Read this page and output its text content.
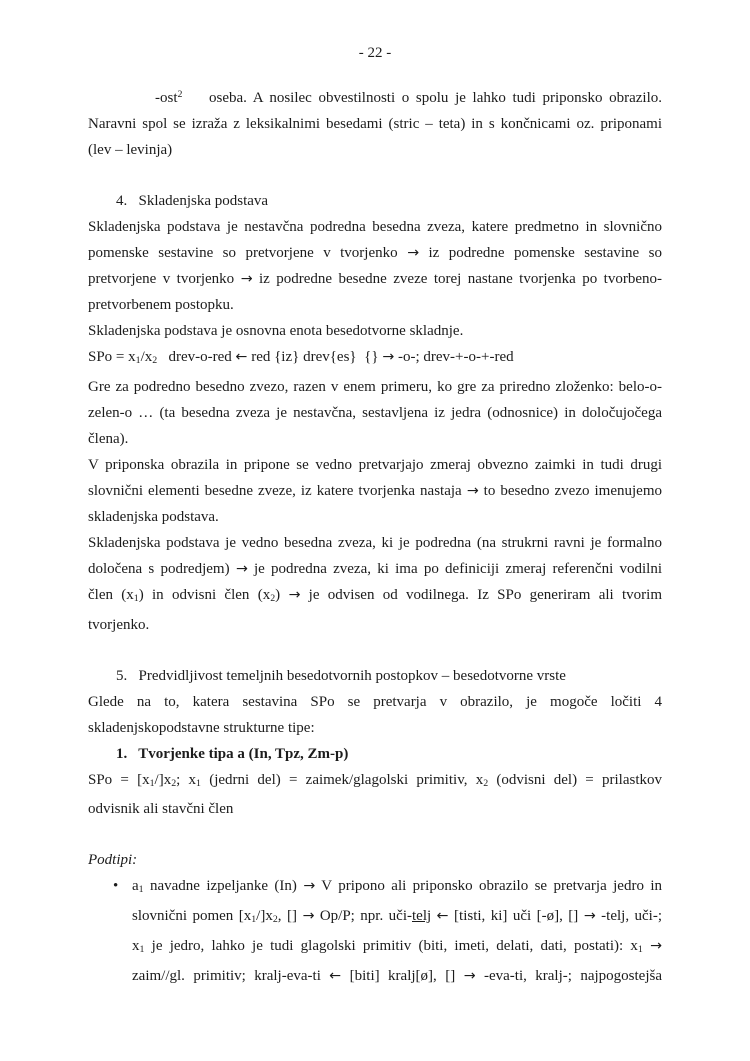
- 22 -
-ost$^2$    oseba. A nosilec obvestilnosti o spolu je lahko tudi priponsko obrazilo.
Naravni spol se izraža z leksikalnimi besedami (stric – teta) in s končnicami oz. priponami
(lev – levinja)
4.   Skladenjska podstava
Skladenjska podstava je nestavčna podredna besedna zveza, katere predmetno in slovnično
pomenske sestavine so pretvorjene v tvorjenko → iz podredne pomenske sestavine so
pretvorjene v tvorjenko → iz podredne besedne zveze torej nastane tvorjenka po tvorbeno-
pretvorbenem postopku.
Skladenjska podstava je osnovna enota besedotvorne skladnje.
SPo = x1/x2   drev-o-red ← red {iz} drev{es}  {} → -o-; drev-+-o-+-red
Gre za podredno besedno zvezo, razen v enem primeru, ko gre za priredno zloženko: belo-o-
zelen-o … (ta besedna zveza je nestavčna, sestavljena iz jedra (odnosnice) in določujočega
člena).
V priponska obrazila in pripone se vedno pretvarjajo zmeraj obvezno zaimki in tudi drugi
slovnični elementi besedne zveze, iz katere tvorjenka nastaja → to besedno zvezo imenujemo
skladenjska podstava.
Skladenjska podstava je vedno besedna zveza, ki je podredna (na strukrni ravni je formalno
določena s podredjem) → je podredna zveza, ki ima po definiciji zmeraj referenčni vodilni
člen (x1) in odvisni člen (x2) → je odvisen od vodilnega. Iz SPo generiram ali tvorim
tvorjenko.
5.   Predvidljivost temeljnih besedotvornih postopkov – besedotvorne vrste
Glede na to, katera sestavina SPo se pretvarja v obrazilo, je mogoče ločiti 4
skladenjskopodstavne strukturne tipe:
1.   Tvorjenke tipa a (In, Tpz, Zm-p)
SPo = [x1/]x2; x1 (jedrni del) = zaimek/glagolski primitiv, x2 (odvisni del) = prilastkov
odvisnik ali stavčni člen
Podtipi:
• a1 navadne izpeljanke (In) → V pripono ali priponsko obrazilo se pretvarja jedro in
slovnični pomen [x1/]x2, [] → Op/P; npr. uči-telj ← [tisti, ki] uči [-ø], [] → -telj, uči-;
x1 je jedro, lahko je tudi glagolski primitiv (biti, imeti, delati, dati, postati): x1 →
zaim//gl. primitiv; kralj-eva-ti ← [biti] kralj[ø], [] → -eva-ti, kralj-; najpogostejša
